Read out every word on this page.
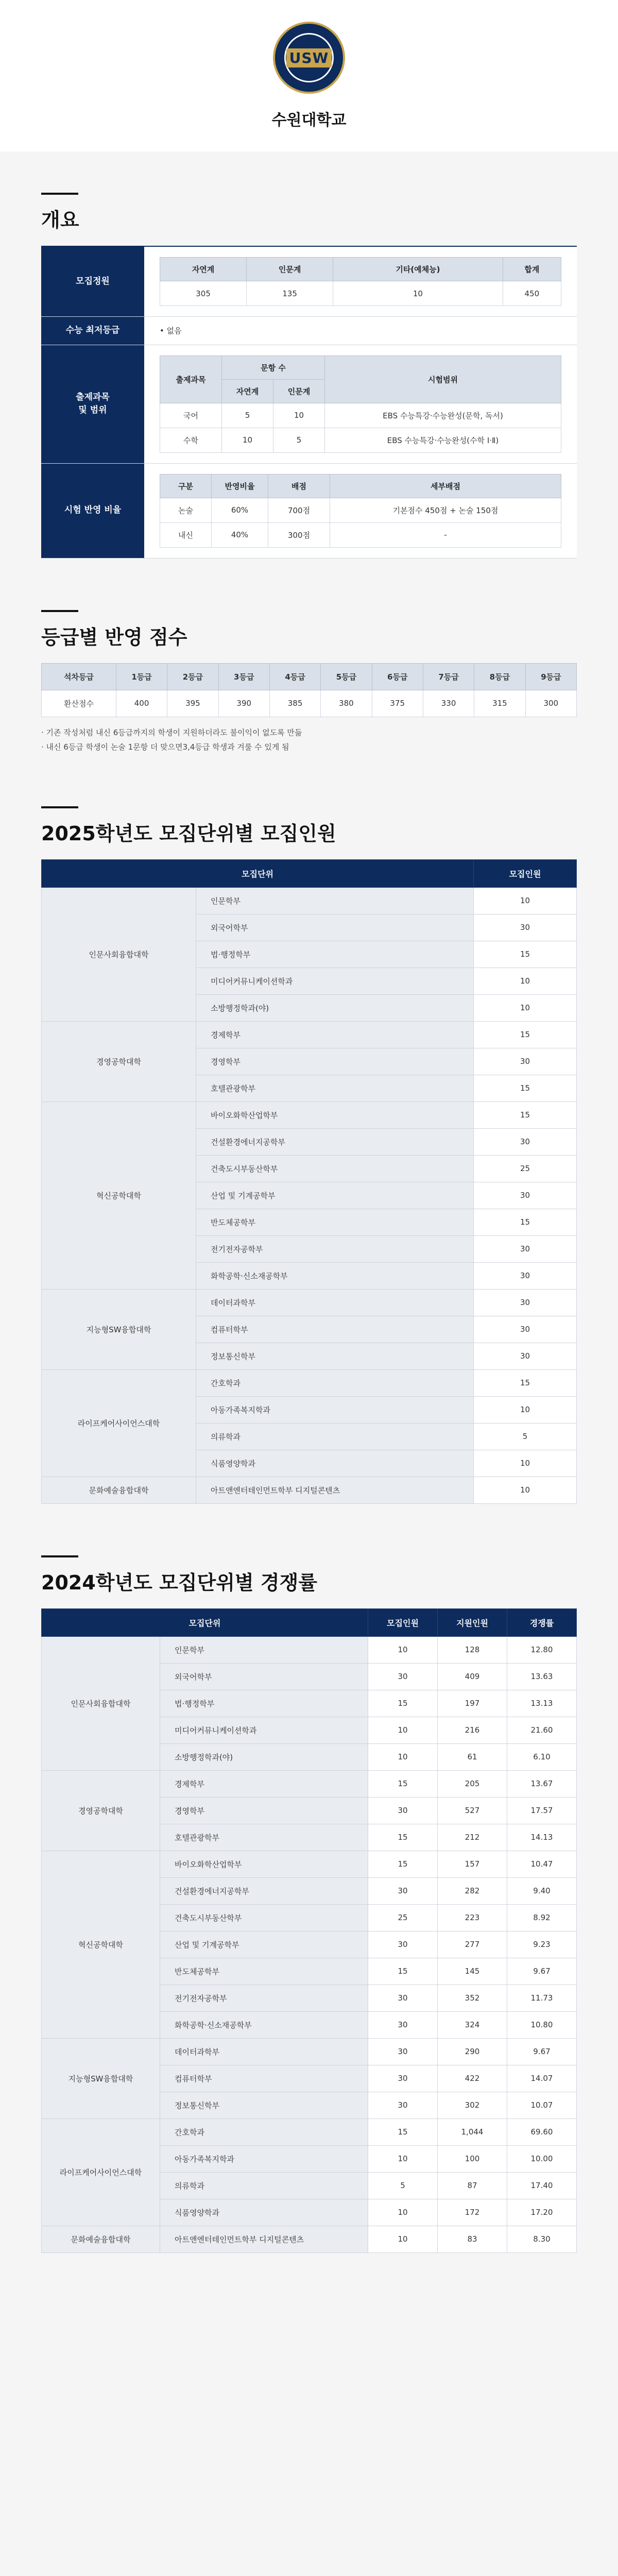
USW
수원대학교
개요
모집정원
자연계	인문계	기타(예체능)	합계
305	135	10	450
수능 최저등급	• 없음
출제과목
및 범위
출제과목	문항 수		시험범위
	자연계	인문계	
국어	5	10	EBS 수능특강·수능완성(문학, 독서)
수학	10	5	EBS 수능특강·수능완성(수학 Ⅰ·Ⅱ)
시험 반영 비율
구분	반영비율	배점	세부배점
논술	60%	700점	기본점수 450점 + 논술 150점
내신	40%	300점	-
등급별 반영 점수
석차등급	1등급	2등급	3등급	4등급	5등급	6등급	7등급	8등급	9등급
환산점수	400	395	390	385	380	375	330	315	300
· 기존 작성처럼 내신 6등급까지의 학생이 지원하더라도 불이익이 없도록 만듦
· 내신 6등급 학생이 논술 1문항 더 맞으면3,4등급 학생과 겨룰 수 있게 됨
2025학년도 모집단위별 모집인원
모집단위		모집인원
인문사회융합대학	인문학부	10
	외국어학부	30
	법·행정학부	15
	미디어커뮤니케이션학과	10
	소방행정학과(야)	10
경영공학대학	경제학부	15
	경영학부	30
	호텔관광학부	15
혁신공학대학	바이오화학산업학부	15
	건설환경에너지공학부	30
	건축도시부동산학부	25
	산업 및 기계공학부	30
	반도체공학부	15
	전기전자공학부	30
	화학공학·신소재공학부	30
지능형SW융합대학	데이터과학부	30
	컴퓨터학부	30
	정보통신학부	30
라이프케어사이언스대학	간호학과	15
	아동가족복지학과	10
	의류학과	5
	식품영양학과	10
문화예술융합대학	아트앤엔터테인먼트학부 디지털콘텐츠	10
2024학년도 모집단위별 경쟁률
모집단위		모집인원	지원인원	경쟁률
인문사회융합대학	인문학부	10	128	12.80
	외국어학부	30	409	13.63
	법·행정학부	15	197	13.13
	미디어커뮤니케이션학과	10	216	21.60
	소방행정학과(야)	10	61	6.10
경영공학대학	경제학부	15	205	13.67
	경영학부	30	527	17.57
	호텔관광학부	15	212	14.13
혁신공학대학	바이오화학산업학부	15	157	10.47
	건설환경에너지공학부	30	282	9.40
	건축도시부동산학부	25	223	8.92
	산업 및 기계공학부	30	277	9.23
	반도체공학부	15	145	9.67
	전기전자공학부	30	352	11.73
	화학공학·신소재공학부	30	324	10.80
지능형SW융합대학	데이터과학부	30	290	9.67
	컴퓨터학부	30	422	14.07
	정보통신학부	30	302	10.07
라이프케어사이언스대학	간호학과	15	1,044	69.60
	아동가족복지학과	10	100	10.00
	의류학과	5	87	17.40
	식품영양학과	10	172	17.20
문화예술융합대학	아트앤엔터테인먼트학부 디지털콘텐츠	10	83	8.30
